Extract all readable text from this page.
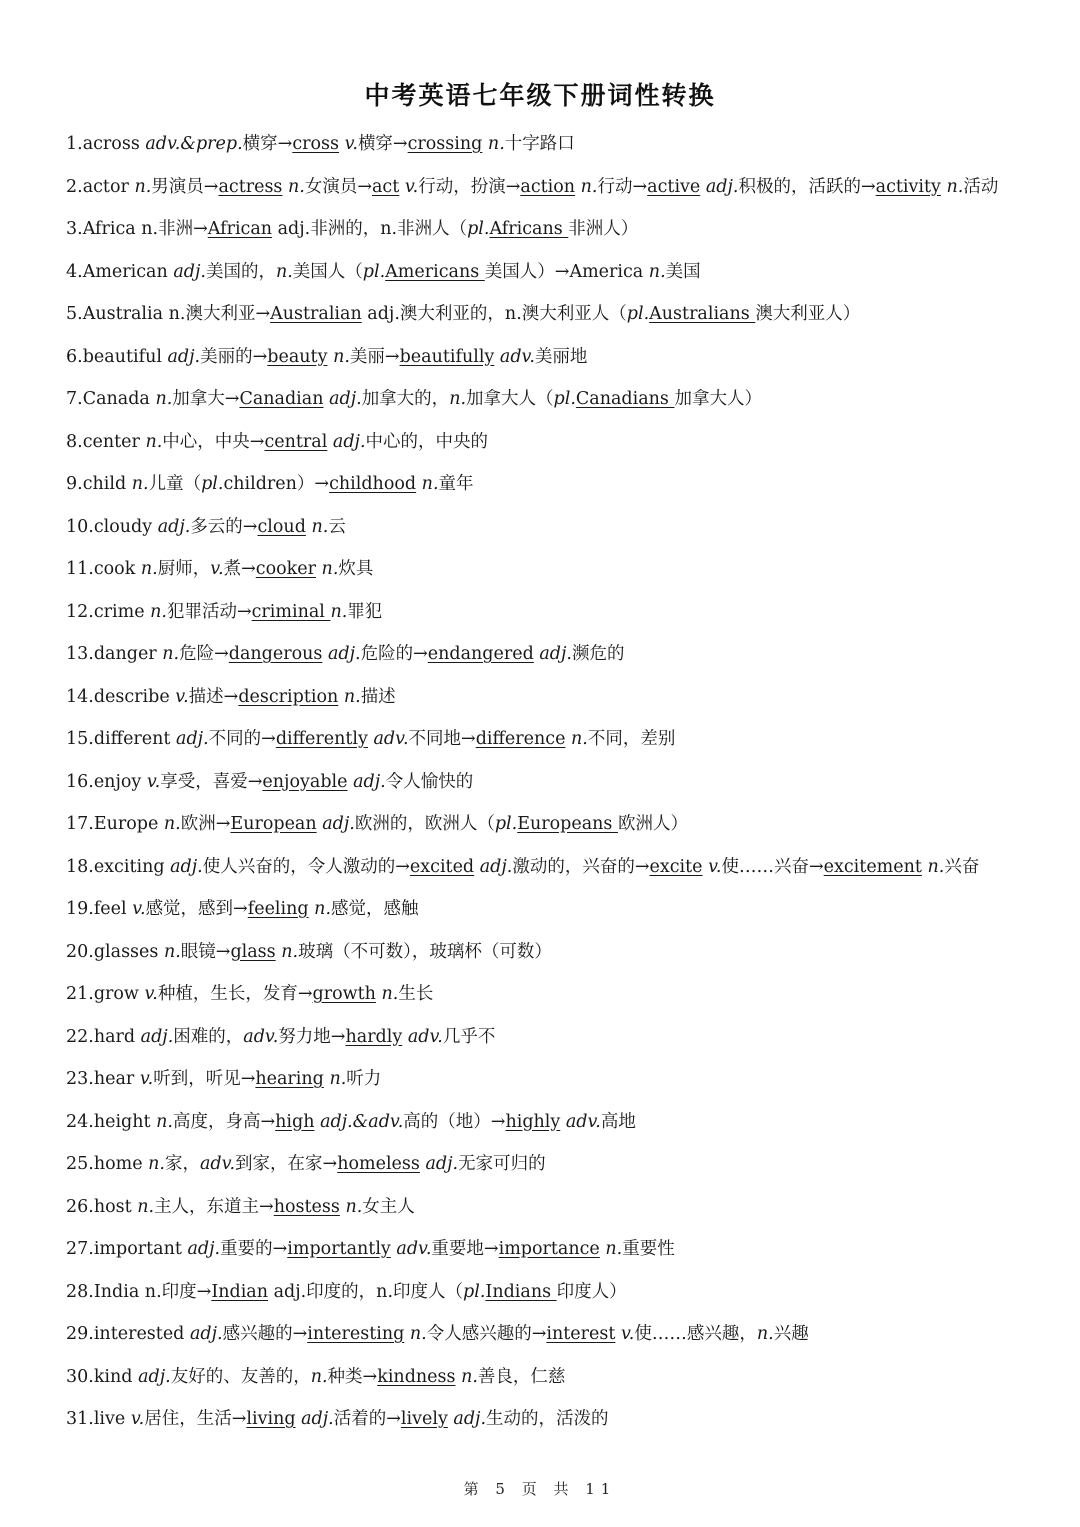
中考英语七年级下册词性转换
1.across adv.&prep.横穿→cross v.横穿→crossing n.十字路口
2.actor n.男演员→actress n.女演员→act v.行动，扮演→action n.行动→active adj.积极的，活跃的→activity n.活动
3.Africa n.非洲→African adj.非洲的，n.非洲人（pl.Africans 非洲人）
4.American adj.美国的，n.美国人（pl.Americans 美国人）→America n.美国
5.Australia n.澳大利亚→Australian adj.澳大利亚的，n.澳大利亚人（pl.Australians 澳大利亚人）
6.beautiful adj.美丽的→beauty n.美丽→beautifully adv.美丽地
7.Canada n.加拿大→Canadian adj.加拿大的，n.加拿大人（pl.Canadians 加拿大人）
8.center n.中心，中央→central adj.中心的，中央的
9.child n.儿童（pl.children）→childhood n.童年
10.cloudy adj.多云的→cloud n.云
11.cook n.厨师，v.煮→cooker n.炊具
12.crime n.犯罪活动→criminal n.罪犯
13.danger n.危险→dangerous adj.危险的→endangered adj.濒危的
14.describe v.描述→description n.描述
15.different adj.不同的→differently adv.不同地→difference n.不同，差别
16.enjoy v.享受，喜爱→enjoyable adj.令人愉快的
17.Europe n.欧洲→European adj.欧洲的，欧洲人（pl.Europeans 欧洲人）
18.exciting adj.使人兴奋的，令人激动的→excited adj.激动的，兴奋的→excite v.使……兴奋→excitement n.兴奋
19.feel v.感觉，感到→feeling n.感觉，感触
20.glasses n.眼镜→glass n.玻璃（不可数），玻璃杯（可数）
21.grow v.种植，生长，发育→growth n.生长
22.hard adj.困难的，adv.努力地→hardly adv.几乎不
23.hear v.听到，听见→hearing n.听力
24.height n.高度，身高→high adj.&adv.高的（地）→highly adv.高地
25.home n.家，adv.到家，在家→homeless adj.无家可归的
26.host n.主人，东道主→hostess n.女主人
27.important adj.重要的→importantly adv.重要地→importance n.重要性
28.India n.印度→Indian adj.印度的，n.印度人（pl.Indians 印度人）
29.interested adj.感兴趣的→interesting n.令人感兴趣的→interest v.使……感兴趣，n.兴趣
30.kind adj.友好的、友善的，n.种类→kindness n.善良，仁慈
31.live v.居住，生活→living adj.活着的→lively adj.生动的，活泼的
第 5 页 共 11
